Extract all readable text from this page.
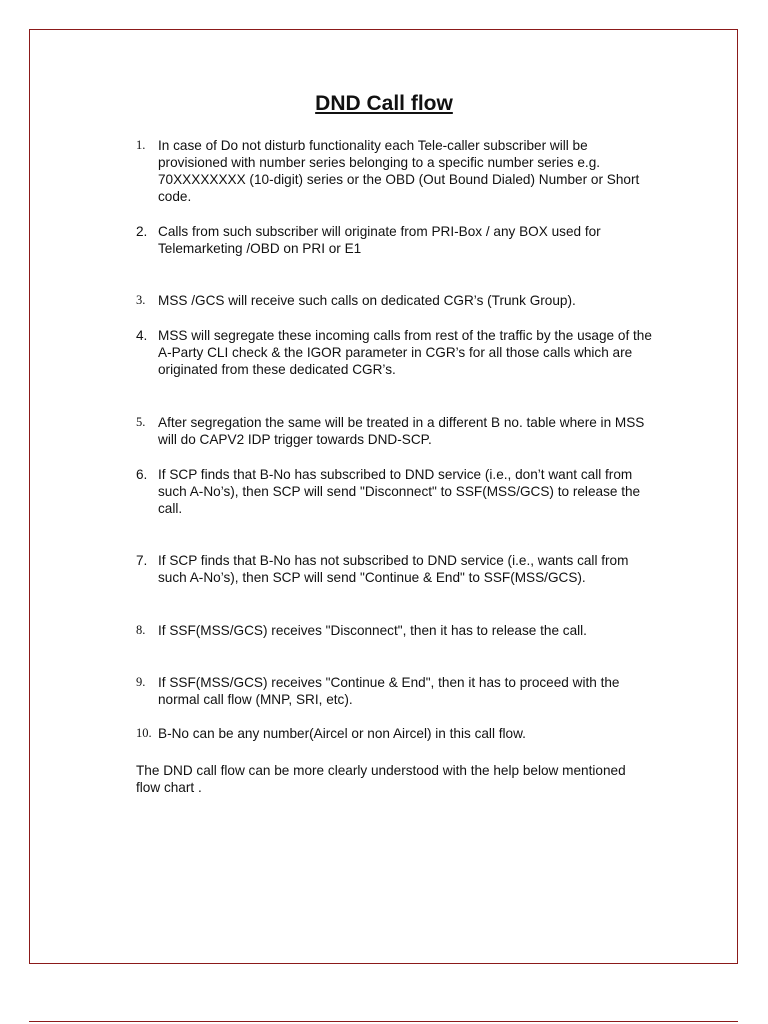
DND Call flow
1. In case of Do not disturb functionality each Tele-caller subscriber will be provisioned with number series belonging to a specific number series e.g. 70XXXXXXXX (10-digit) series or the OBD (Out Bound Dialed) Number or Short code.
2. Calls from such subscriber will originate from PRI-Box / any BOX used for Telemarketing /OBD on PRI or E1
3. MSS /GCS will receive such calls on dedicated CGR’s (Trunk Group).
4. MSS will segregate these incoming calls from rest of the traffic by the usage of the A-Party CLI check & the IGOR parameter in CGR’s for all those calls which are originated from these dedicated CGR’s.
5. After segregation the same will be treated in a different B no. table where in MSS will do CAPV2 IDP trigger towards DND-SCP.
6. If SCP finds that B-No has subscribed to DND service (i.e., don’t want call from such A-No’s), then SCP will send "Disconnect" to SSF(MSS/GCS) to release the call.
7. If SCP finds that B-No has not subscribed to DND service (i.e., wants call from such A-No’s), then SCP will send "Continue & End" to SSF(MSS/GCS).
8. If SSF(MSS/GCS) receives "Disconnect", then it has to release the call.
9. If SSF(MSS/GCS) receives "Continue & End", then it has to proceed with the normal call flow (MNP, SRI, etc).
10. B-No can be any number(Aircel or non Aircel) in this call flow.

The DND call flow can be more clearly understood with the help below mentioned flow chart .
